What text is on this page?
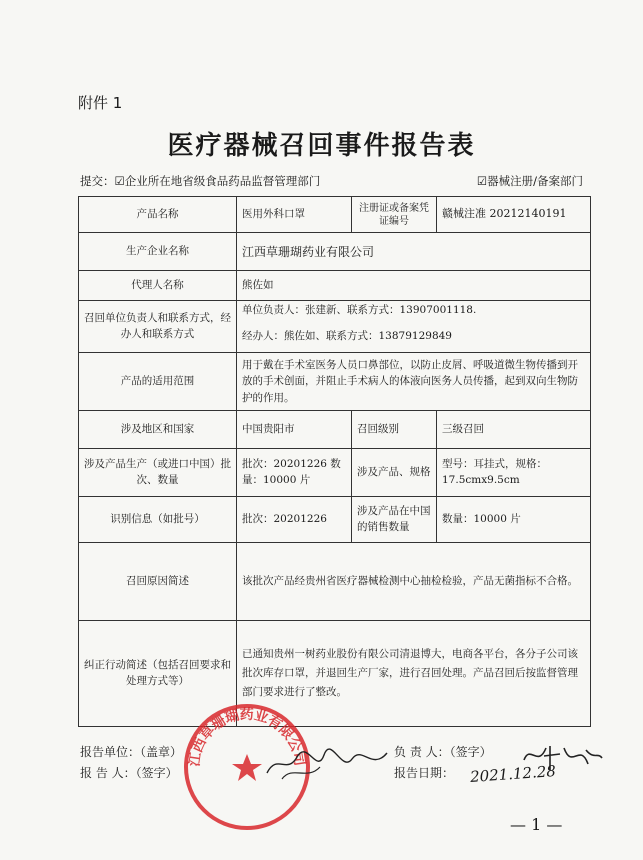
附件 1
医疗器械召回事件报告表
提交：☑企业所在地省级食品药品监督管理部门	☑器械注册/备案部门
产品名称	医用外科口罩	注册证或备案凭证编号	赣械注准 20212140191
生产企业名称	江西草珊瑚药业有限公司		
代理人名称	熊佐如		
召回单位负责人和联系方式，经办人和联系方式	单位负责人：张建新、联系方式：13907001118.
经办人：熊佐如、联系方式：13879129849		

产品的适用范围	用于戴在手术室医务人员口鼻部位，以防止皮屑、呼吸道微生物传播到开放的手术创面，并阻止手术病人的体液向医务人员传播，起到双向生物防护的作用。		
涉及地区和国家	中国贵阳市	召回级别	三级召回
涉及产品生产（或进口中国）批次、数量	批次：20201226 数量：10000 片	涉及产品、规格	型号：耳挂式，规格：17.5cmx9.5cm
识别信息（如批号）	批次：20201226	涉及产品在中国的销售数量	数量：10000 片
召回原因简述	该批次产品经贵州省医疗器械检测中心抽检检验，产品无菌指标不合格。		
纠正行动简述（包括召回要求和处理方式等）	已通知贵州一树药业股份有限公司清退博大，电商各平台，各分子公司该批次库存口罩，并退回生产厂家，进行召回处理。产品召回后按监督管理部门要求进行了整改。		
报告单位：（盖章）
报 告 人：（签字）
负 责 人：（签字）
报告日期： 2021.12.28
江西草珊瑚药业有限公司
— 1 —
